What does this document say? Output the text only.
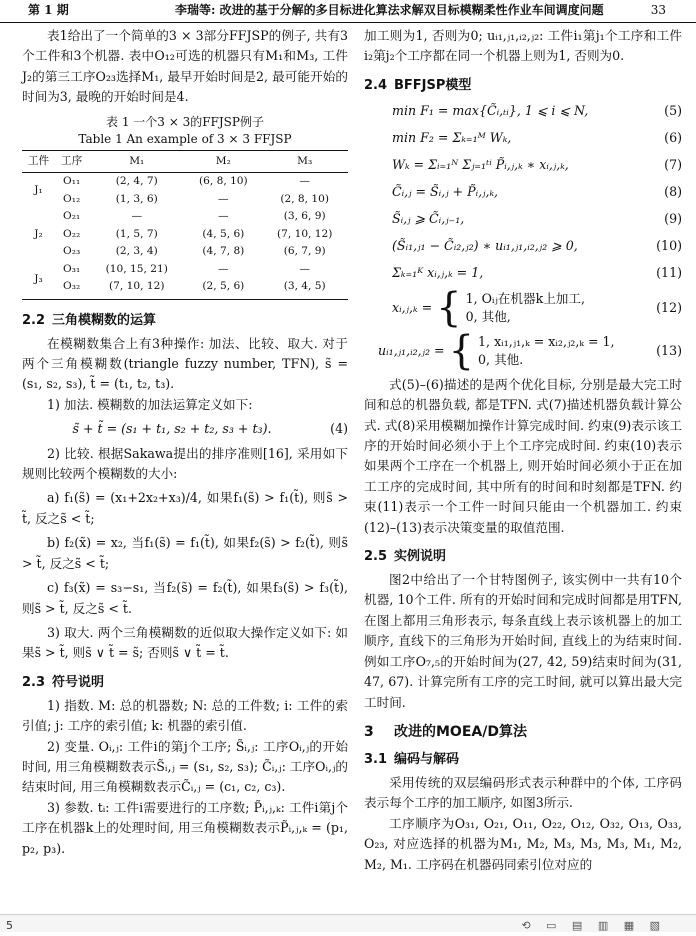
第 1 期	李瑞等: 改进的基于分解的多目标进化算法求解双目标模糊柔性作业车间调度问题	33

表1给出了一个简单的3 × 3部分FFJSP的例子, 共有3个工件和3个机器. 表中O₁₂可选的机器只有M₁和M₃, 工件J₂的第三工序O₂₃选择M₁, 最早开始时间是2, 最可能开始的时间为3, 最晚的开始时间是4.

表 1 一个3 × 3的FFJSP例子
Table 1 An example of 3 × 3 FFJSP
工件	工序	M₁	M₂	M₃
J₁	O₁₁	(2, 4, 7)	(6, 8, 10)	—
	O₁₂	(1, 3, 6)	—	(2, 8, 10)
J₂	O₂₁	—	—	(3, 6, 9)
	O₂₂	(1, 5, 7)	(4, 5, 6)	(7, 10, 12)
	O₂₃	(2, 3, 4)	(4, 7, 8)	(6, 7, 9)
J₃	O₃₁	(10, 15, 21)	—	—
	O₃₂	(7, 10, 12)	(2, 5, 6)	(3, 4, 5)
2.2 三角模糊数的运算

在模糊数集合上有3种操作: 加法、比较、取大. 对于两个三角模糊数(triangle fuzzy number, TFN), s̃ = (s₁, s₂, s₃), t̃ = (t₁, t₂, t₃).

1) 加法. 模糊数的加法运算定义如下:

s̃ + t̃ = (s₁ + t₁, s₂ + t₂, s₃ + t₃).	(4)

2) 比较. 根据Sakawa提出的排序准则[16], 采用如下规则比较两个模糊数的大小:

a) f₁(s̃) = (x₁+2x₂+x₃)/4, 如果f₁(s̃) > f₁(t̃), 则s̃ > t̃, 反之s̃ < t̃;

b) f₂(x̃) = x₂, 当f₁(s̃) = f₁(t̃), 如果f₂(s̃) > f₂(t̃), 则s̃ > t̃, 反之s̃ < t̃;

c) f₃(x̃) = s₃−s₁, 当f₂(s̃) = f₂(t̃), 如果f₃(s̃) > f₃(t̃), 则s̃ > t̃, 反之s̃ < t̃.

3) 取大. 两个三角模糊数的近似取大操作定义如下: 如果s̃ > t̃, 则s̃ ∨ t̃ = s̃; 否则s̃ ∨ t̃ = t̃.

2.3 符号说明

1) 指数. M: 总的机器数; N: 总的工件数; i: 工件的索引值; j: 工序的索引值; k: 机器的索引值.

2) 变量. Oᵢ,ⱼ: 工件i的第j个工序; S̃ᵢ,ⱼ: 工序Oᵢ,ⱼ的开始时间, 用三角模糊数表示S̃ᵢ,ⱼ = (s₁, s₂, s₃); C̃ᵢ,ⱼ: 工序Oᵢ,ⱼ的结束时间, 用三角模糊数表示C̃ᵢ,ⱼ = (c₁, c₂, c₃).

3) 参数. tᵢ: 工件i需要进行的工序数; P̃ᵢ,ⱼ,ₖ: 工件i第j个工序在机器k上的处理时间, 用三角模糊数表示P̃ᵢ,ⱼ,ₖ = (p₁, p₂, p₃).

加工则为1, 否则为0; uᵢ₁,ⱼ₁,ᵢ₂,ⱼ₂: 工件i₁第j₁个工序和工件i₂第j₂个工序都在同一个机器上则为1, 否则为0.

2.4 BFFJSP模型
min F₁ = max{C̃ᵢ,ₜᵢ}, 1 ⩽ i ⩽ N,	(5)
min F₂ = Σₖ₌₁ᴹ Wₖ,	(6)
Wₖ = Σᵢ₌₁ᴺ Σⱼ₌₁ᵗⁱ P̃ᵢ,ⱼ,ₖ ∗ xᵢ,ⱼ,ₖ,	(7)
C̃ᵢ,ⱼ = S̃ᵢ,ⱼ + P̃ᵢ,ⱼ,ₖ,	(8)
S̃ᵢ,ⱼ ⩾ C̃ᵢ,ⱼ₋₁,	(9)
(S̃ᵢ₁,ⱼ₁ − C̃ᵢ₂,ⱼ₂) ∗ uᵢ₁,ⱼ₁,ᵢ₂,ⱼ₂ ⩾ 0,	(10)
Σₖ₌₁ᴷ xᵢ,ⱼ,ₖ = 1,	(11)
xᵢ,ⱼ,ₖ = { 1, Oᵢⱼ在机器k上加工,
0, 其他,
(12)
uᵢ₁,ⱼ₁,ᵢ₂,ⱼ₂ = { 1, xᵢ₁,ⱼ₁,ₖ = xᵢ₂,ⱼ₂,ₖ = 1,
0, 其他.
(13)

式(5)–(6)描述的是两个优化目标, 分别是最大完工时间和总的机器负载, 都是TFN. 式(7)描述机器负载计算公式. 式(8)采用模糊加操作计算完成时间. 约束(9)表示该工序的开始时间必须小于上个工序完成时间. 约束(10)表示如果两个工序在一个机器上, 则开始时间必须小于正在加工工序的完成时间, 其中所有的时间和时刻都是TFN. 约束(11)表示一个工件一时间只能由一个机器加工. 约束(12)–(13)表示决策变量的取值范围.

2.5 实例说明

图2中给出了一个甘特图例子, 该实例中一共有10个机器, 10个工件. 所有的开始时间和完成时间都是用TFN, 在图上都用三角形表示, 每条直线上表示该机器上的加工顺序, 直线下的三角形为开始时间, 直线上的为结束时间. 例如工序O₇,₅的开始时间为(27, 42, 59)结束时间为(31, 47, 67). 计算完所有工序的完工时间, 就可以算出最大完工时间.

3 改进的MOEA/D算法
3.1 编码与解码

采用传统的双层编码形式表示种群中的个体, 工序码表示每个工序的加工顺序, 如图3所示.

工序顺序为O₃₁, O₂₁, O₁₁, O₂₂, O₁₂, O₃₂, O₁₃, O₃₃, O₂₃, 对应选择的机器为M₁, M₂, M₃, M₃, M₃, M₁, M₂, M₂, M₁. 工序码在机器码同索引位对应的

5	⟲ ▭ ▤ ▥ ▦ ▧
